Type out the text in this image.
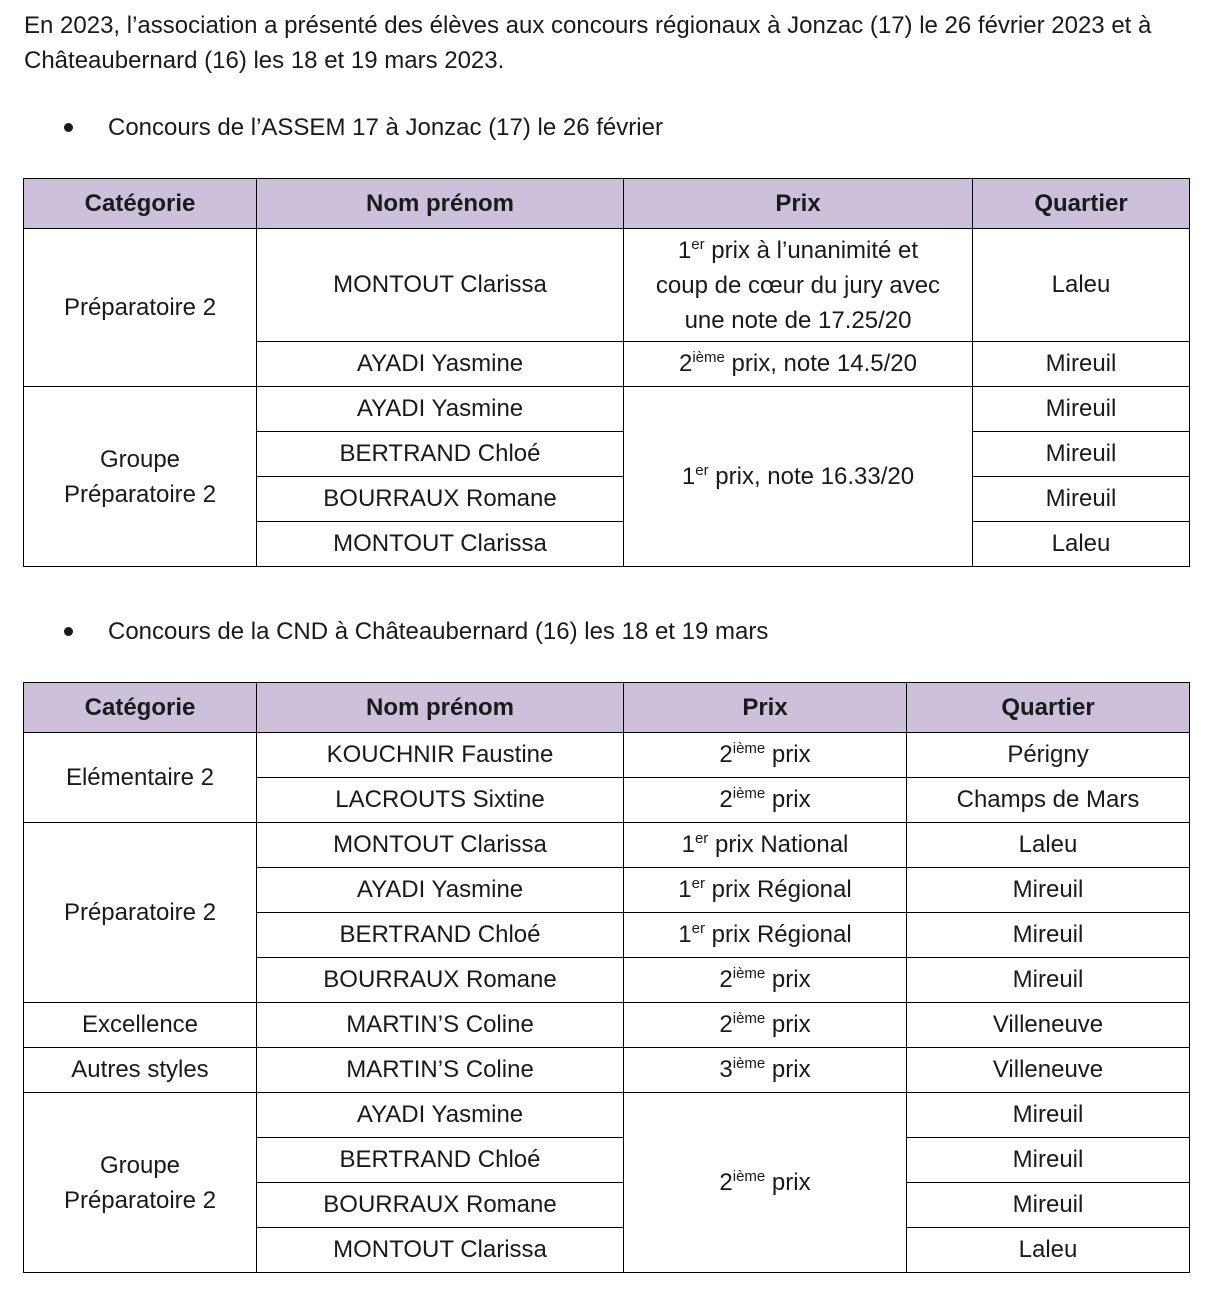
En 2023, l’association a présenté des élèves aux concours régionaux à Jonzac (17) le 26 février 2023 et à Châteaubernard (16) les 18 et 19 mars 2023.

Concours de l’ASSEM 17 à Jonzac (17) le 26 février
Catégorie	Nom prénom	Prix	Quartier
Préparatoire 2	MONTOUT Clarissa	1er prix à l’unanimité et
coup de cœur du jury avec
une note de 17.25/20	Laleu
	AYADI Yasmine	2ième prix, note 14.5/20	Mireuil
Groupe
Préparatoire 2	AYADI Yasmine	1er prix, note 16.33/20	Mireuil
	BERTRAND Chloé		Mireuil
	BOURRAUX Romane		Mireuil
	MONTOUT Clarissa		Laleu
Concours de la CND à Châteaubernard (16) les 18 et 19 mars
Catégorie	Nom prénom	Prix	Quartier
Elémentaire 2	KOUCHNIR Faustine	2ième prix	Périgny
	LACROUTS Sixtine	2ième prix	Champs de Mars
Préparatoire 2	MONTOUT Clarissa	1er prix National	Laleu
	AYADI Yasmine	1er prix Régional	Mireuil
	BERTRAND Chloé	1er prix Régional	Mireuil
	BOURRAUX Romane	2ième prix	Mireuil
Excellence	MARTIN’S Coline	2ième prix	Villeneuve
Autres styles	MARTIN’S Coline	3ième prix	Villeneuve
Groupe
Préparatoire 2	AYADI Yasmine	2ième prix	Mireuil
	BERTRAND Chloé		Mireuil
	BOURRAUX Romane		Mireuil
	MONTOUT Clarissa		Laleu
